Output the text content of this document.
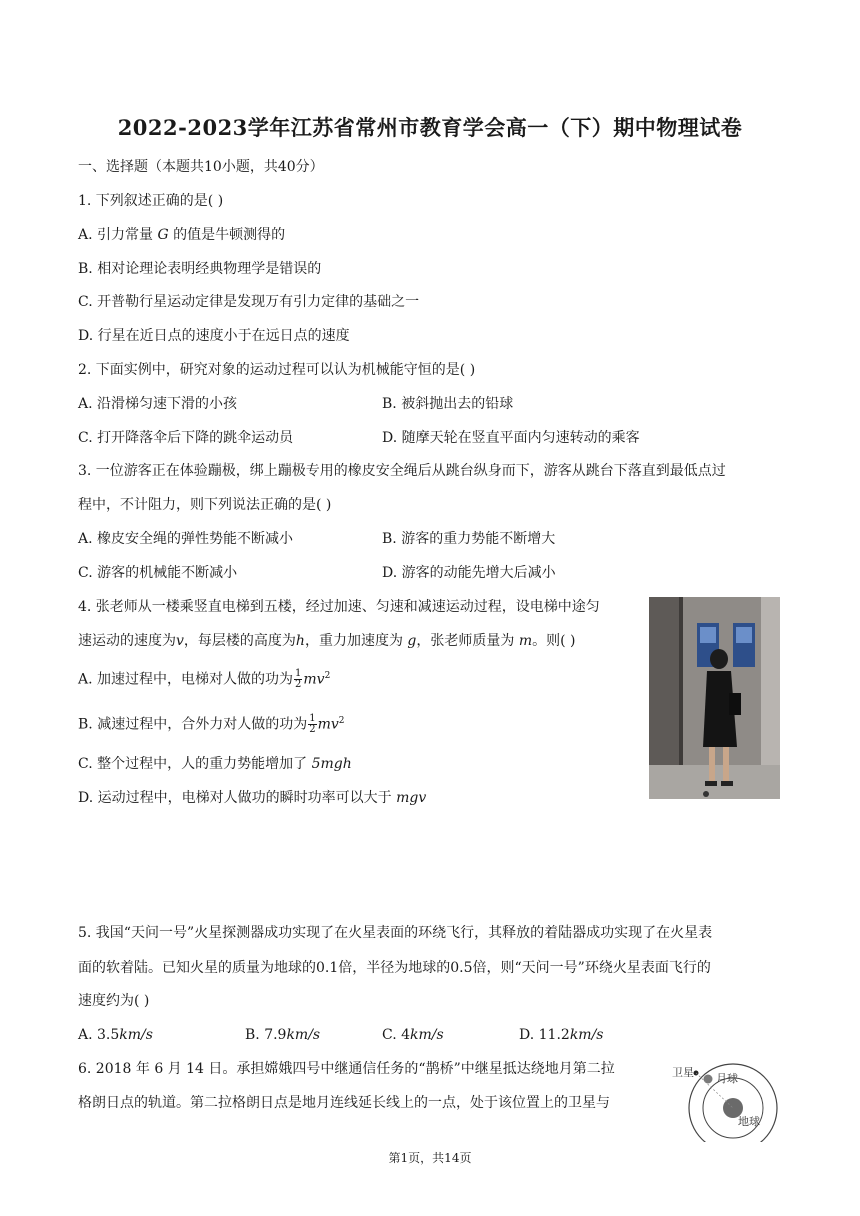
2022-2023学年江苏省常州市教育学会高一（下）期中物理试卷
一、选择题（本题共10小题，共40分）
1. 下列叙述正确的是( )
A. 引力常量 G 的值是牛顿测得的
B. 相对论理论表明经典物理学是错误的
C. 开普勒行星运动定律是发现万有引力定律的基础之一
D. 行星在近日点的速度小于在远日点的速度
2. 下面实例中，研究对象的运动过程可以认为机械能守恒的是( )
A. 沿滑梯匀速下滑的小孩	B. 被斜抛出去的铅球
C. 打开降落伞后下降的跳伞运动员	D. 随摩天轮在竖直平面内匀速转动的乘客
3. 一位游客正在体验蹦极，绑上蹦极专用的橡皮安全绳后从跳台纵身而下，游客从跳台下落直到最低点过
程中，不计阻力，则下列说法正确的是( )
A. 橡皮安全绳的弹性势能不断减小	B. 游客的重力势能不断增大
C. 游客的机械能不断减小	D. 游客的动能先增大后减小
4. 张老师从一楼乘竖直电梯到五楼，经过加速、匀速和减速运动过程，设电梯中途匀
速运动的速度为v，每层楼的高度为h，重力加速度为 g，张老师质量为 m。则( )
A. 加速过程中，电梯对人做的功为 $\frac{1}{2} mv^2$
B. 减速过程中，合外力对人做的功为 $\frac{1}{2} mv^2$
C. 整个过程中，人的重力势能增加了 5mgh
D. 运动过程中，电梯对人做功的瞬时功率可以大于 mgv
5. 我国“天问一号”火星探测器成功实现了在火星表面的环绕飞行，其释放的着陆器成功实现了在火星表
面的软着陆。已知火星的质量为地球的0.1倍，半径为地球的0.5倍，则“天问一号”环绕火星表面飞行的
速度约为( )
A. 3.5km/s	B. 7.9km/s	C. 4km/s	D. 11.2km/s
6. 2018 年 6 月 14 日。承担嫦娥四号中继通信任务的“鹊桥”中继星抵达绕地月第二拉
格朗日点的轨道。第二拉格朗日点是地月连线延长线上的一点，处于该位置上的卫星与
卫星 月球
地球
第1页，共14页
